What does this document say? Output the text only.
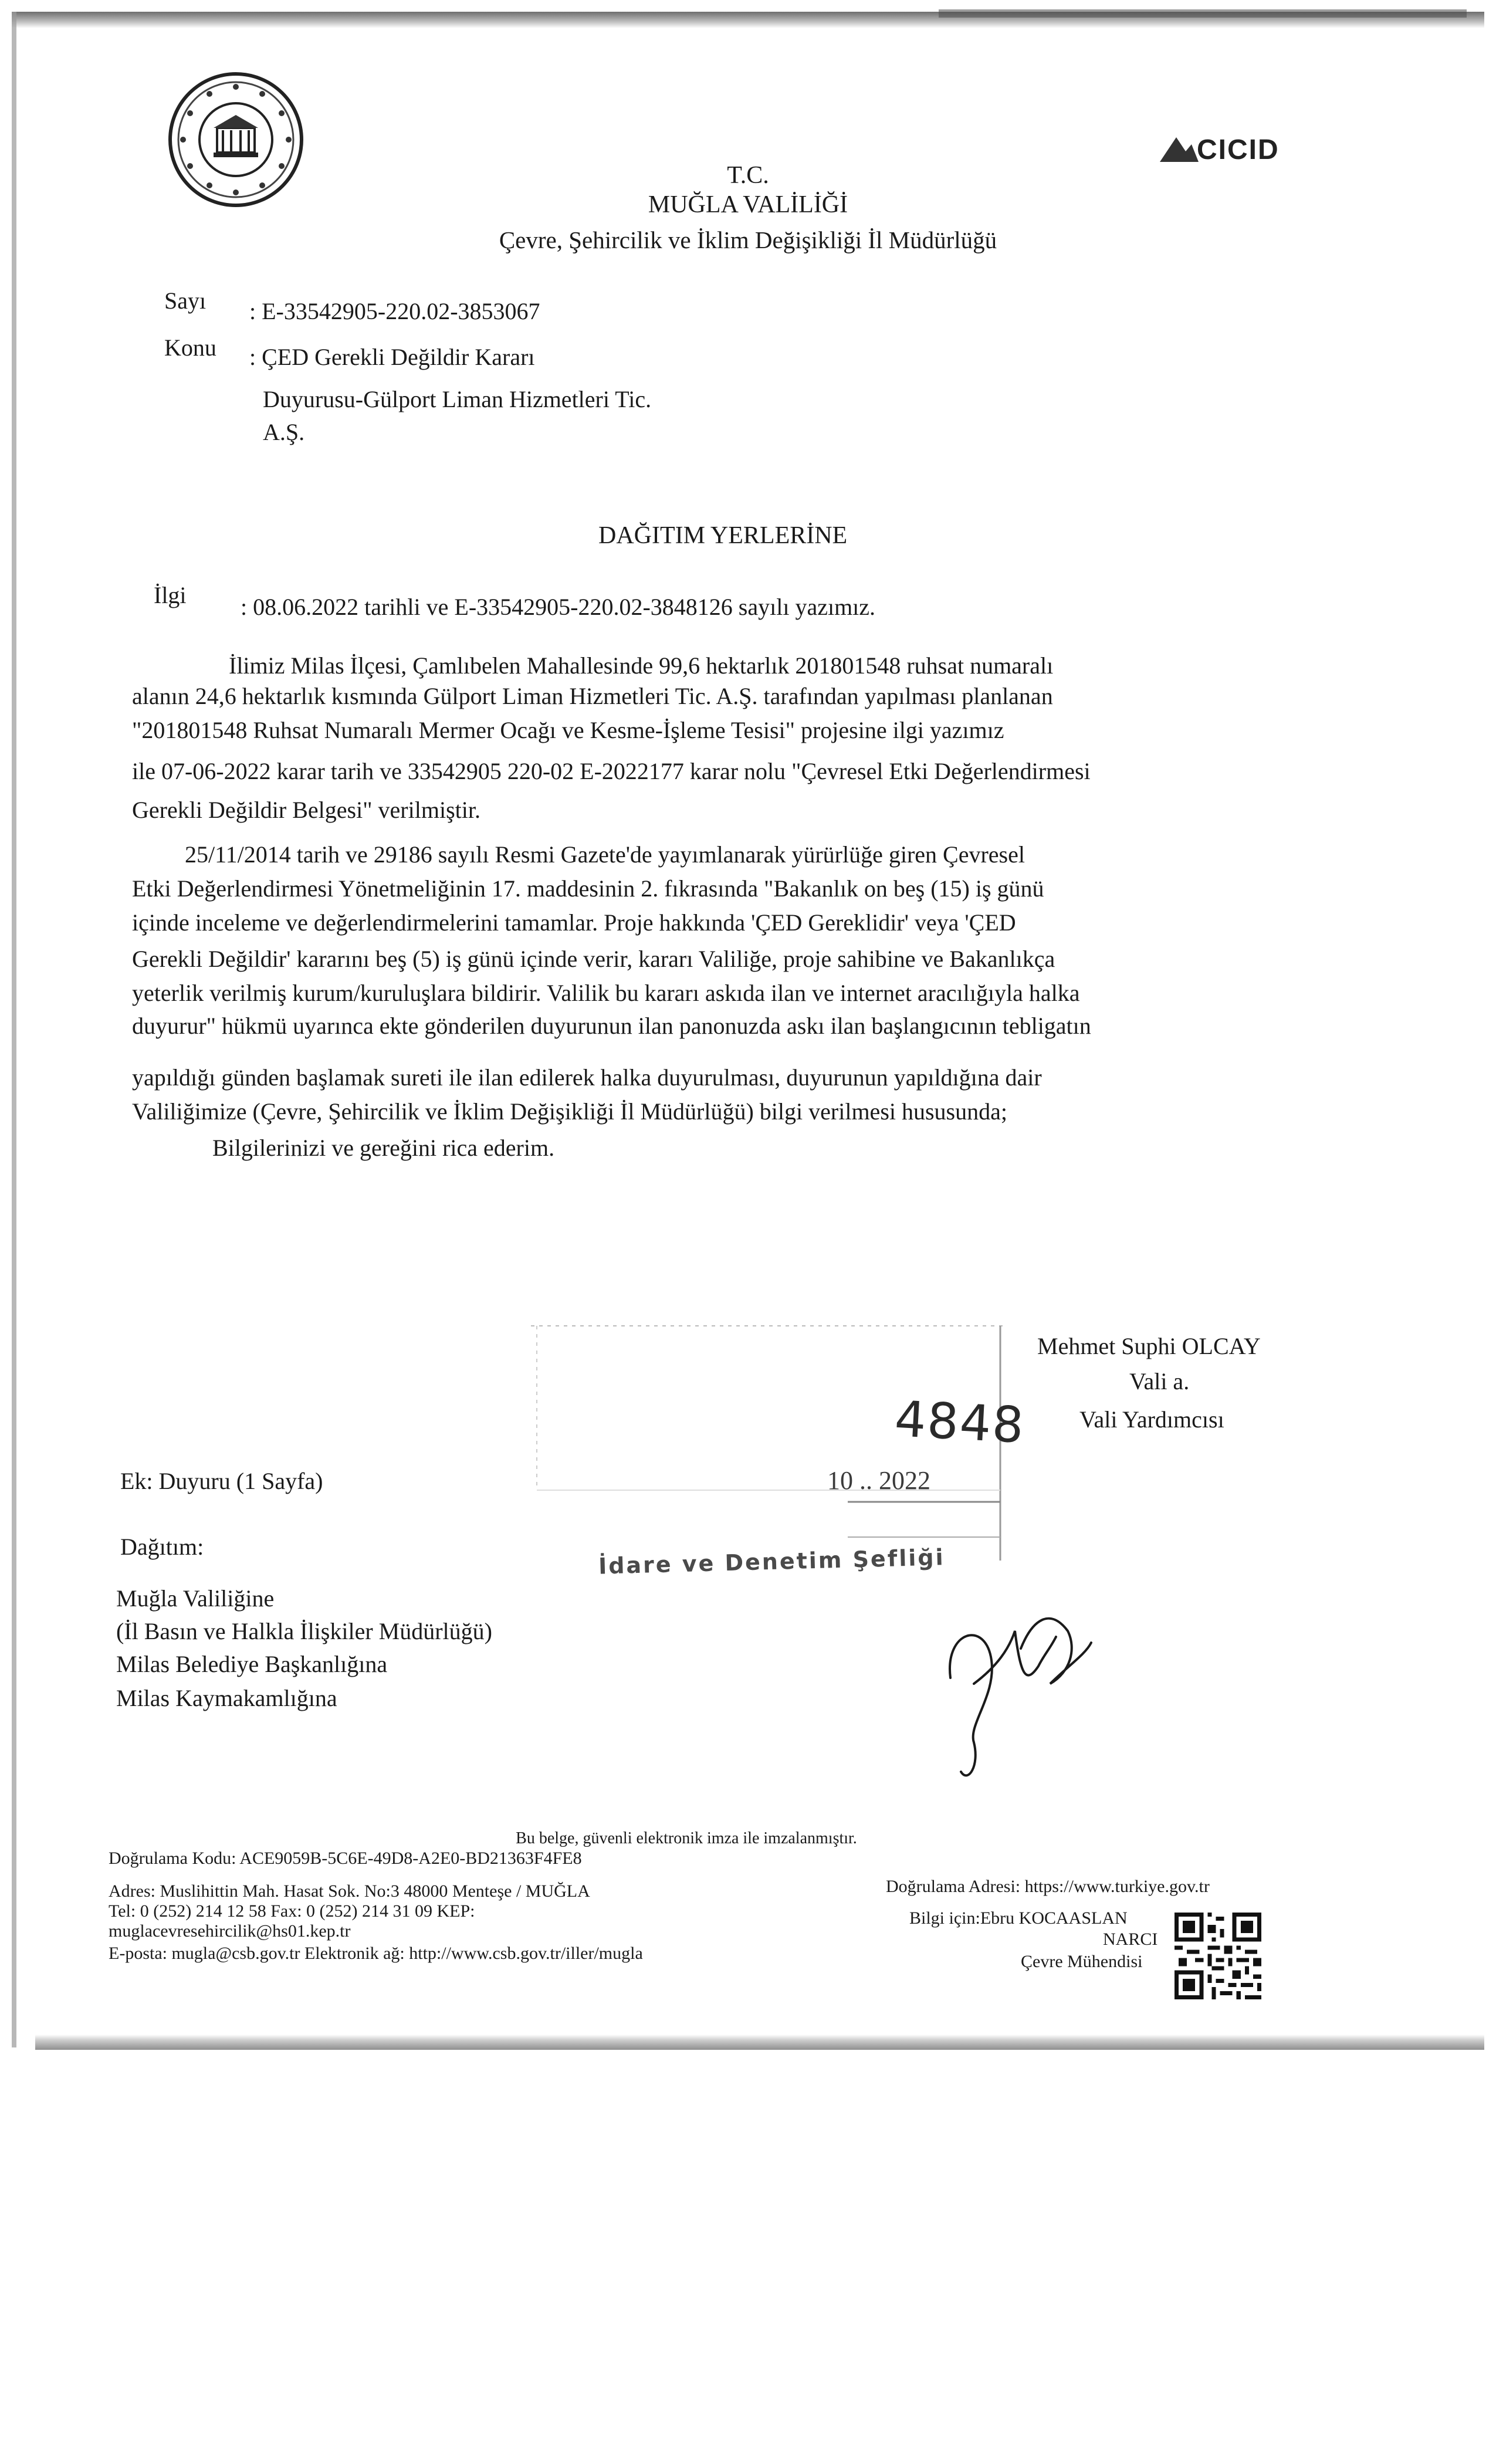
CICID
T.C.
MUĞLA VALİLİĞİ
Çevre, Şehircilik ve İklim Değişikliği İl Müdürlüğü
Sayı : E-33542905-220.02-3853067
Konu : ÇED Gerekli Değildir Kararı
Duyurusu-Gülport Liman Hizmetleri Tic.
A.Ş.
DAĞITIM YERLERİNE
İlgi : 08.06.2022 tarihli ve E-33542905-220.02-3848126 sayılı yazımız.
İlimiz Milas İlçesi, Çamlıbelen Mahallesinde 99,6 hektarlık 201801548 ruhsat numaralı
alanın 24,6 hektarlık kısmında Gülport Liman Hizmetleri Tic. A.Ş. tarafından yapılması planlanan
"201801548 Ruhsat Numaralı Mermer Ocağı ve Kesme-İşleme Tesisi" projesine ilgi yazımız
ile 07-06-2022 karar tarih ve 33542905 220-02 E-2022177 karar nolu "Çevresel Etki Değerlendirmesi
Gerekli Değildir Belgesi" verilmiştir.
25/11/2014 tarih ve 29186 sayılı Resmi Gazete'de yayımlanarak yürürlüğe giren Çevresel
Etki Değerlendirmesi Yönetmeliğinin 17. maddesinin 2. fıkrasında "Bakanlık on beş (15) iş günü
içinde inceleme ve değerlendirmelerini tamamlar. Proje hakkında 'ÇED Gereklidir' veya 'ÇED
Gerekli Değildir' kararını beş (5) iş günü içinde verir, kararı Valiliğe, proje sahibine ve Bakanlıkça
yeterlik verilmiş kurum/kuruluşlara bildirir. Valilik bu kararı askıda ilan ve internet aracılığıyla halka
duyurur" hükmü uyarınca ekte gönderilen duyurunun ilan panonuzda askı ilan başlangıcının tebligatın
yapıldığı günden başlamak sureti ile ilan edilerek halka duyurulması, duyurunun yapıldığına dair
Valiliğimize (Çevre, Şehircilik ve İklim Değişikliği İl Müdürlüğü) bilgi verilmesi hususunda;
Bilgilerinizi ve gereğini rica ederim.
Mehmet Suphi OLCAY
Vali a.
Vali Yardımcısı
4848
10 .. 2022
İdare ve Denetim Şefliği
Ek: Duyuru (1 Sayfa)
Dağıtım:
Muğla Valiliğine
(İl Basın ve Halkla İlişkiler Müdürlüğü)
Milas Belediye Başkanlığına
Milas Kaymakamlığına
Bu belge, güvenli elektronik imza ile imzalanmıştır.
Doğrulama Kodu: ACE9059B-5C6E-49D8-A2E0-BD21363F4FE8
Adres: Muslihittin Mah. Hasat Sok. No:3 48000 Menteşe / MUĞLA
Tel: 0 (252) 214 12 58 Fax: 0 (252) 214 31 09 KEP:
muglacevresehircilik@hs01.kep.tr
E-posta: mugla@csb.gov.tr Elektronik ağ: http://www.csb.gov.tr/iller/mugla
Doğrulama Adresi: https://www.turkiye.gov.tr
Bilgi için:Ebru KOCAASLAN
NARCI
Çevre Mühendisi
